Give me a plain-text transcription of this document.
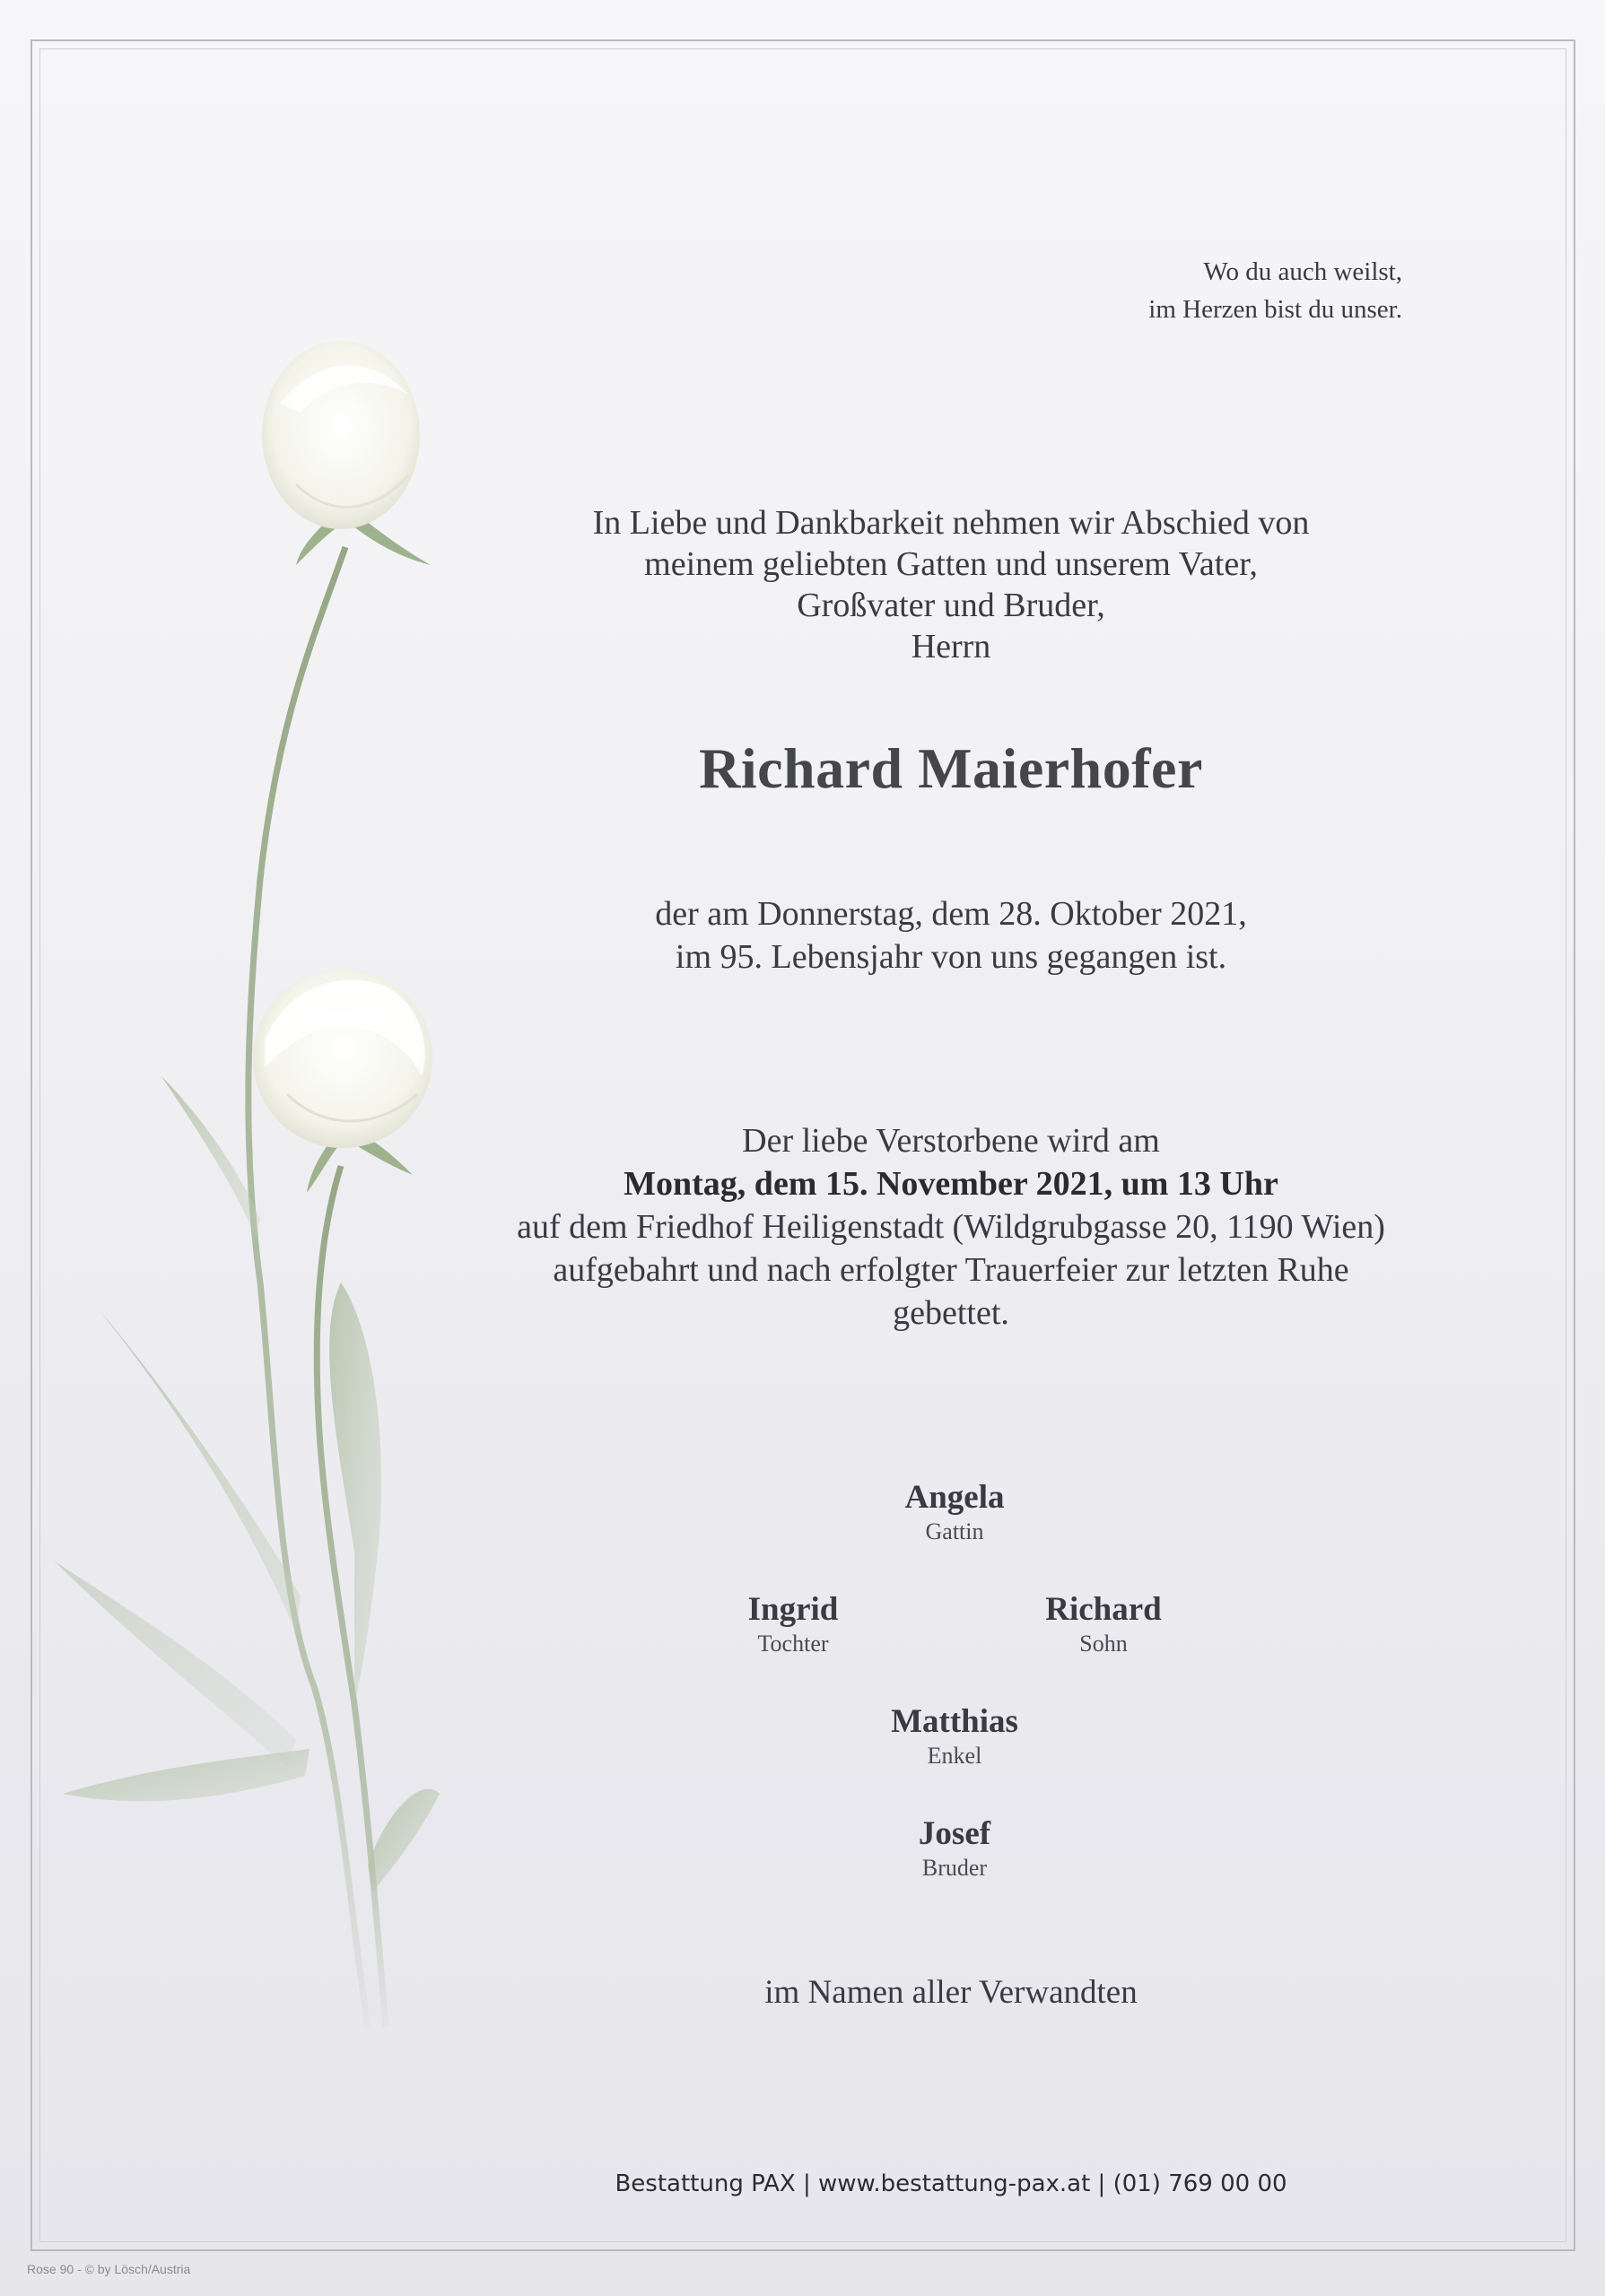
Wo du auch weilst,
im Herzen bist du unser.
In Liebe und Dankbarkeit nehmen wir Abschied von
meinem geliebten Gatten und unserem Vater,
Großvater und Bruder,
Herrn
Richard Maierhofer
der am Donnerstag, dem 28. Oktober 2021,
im 95. Lebensjahr von uns gegangen ist.
Der liebe Verstorbene wird am
Montag, dem 15. November 2021, um 13 Uhr
auf dem Friedhof Heiligenstadt (Wildgrubgasse 20, 1190 Wien)
aufgebahrt und nach erfolgter Trauerfeier zur letzten Ruhe
gebettet.
Angela
Gattin
Ingrid
Tochter
Richard
Sohn
Matthias
Enkel
Josef
Bruder
im Namen aller Verwandten
Bestattung PAX | www.bestattung-pax.at | (01) 769 00 00
Rose 90 - © by Lösch/Austria
